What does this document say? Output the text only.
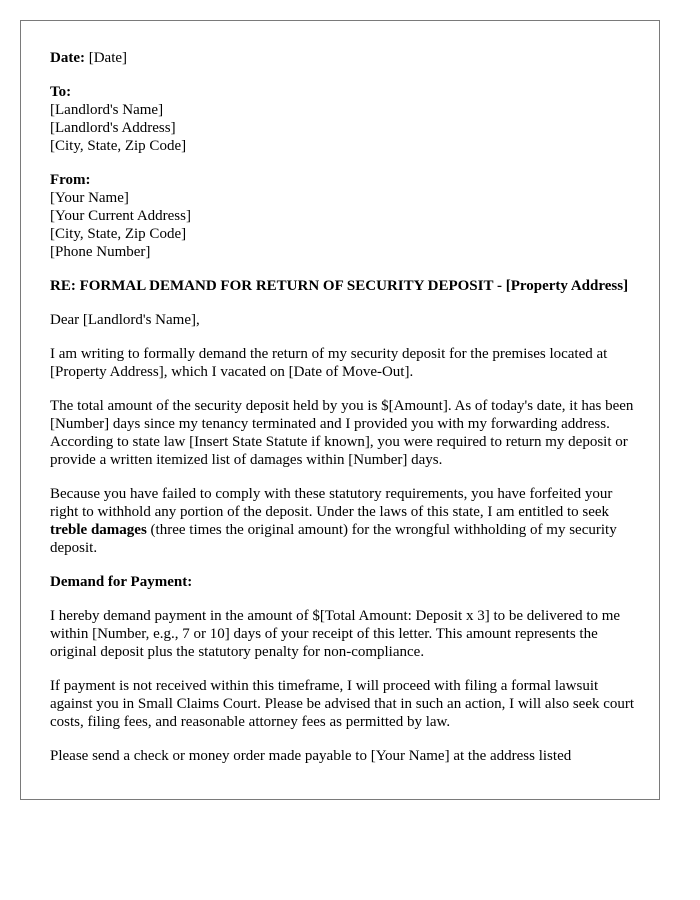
Date: [Date]
To:
[Landlord's Name]
[Landlord's Address]
[City, State, Zip Code]
From:
[Your Name]
[Your Current Address]
[City, State, Zip Code]
[Phone Number]
RE: FORMAL DEMAND FOR RETURN OF SECURITY DEPOSIT - [Property Address]

Dear [Landlord's Name],

I am writing to formally demand the return of my security deposit for the premises located at [Property Address], which I vacated on [Date of Move-Out].

The total amount of the security deposit held by you is $[Amount]. As of today's date, it has been [Number] days since my tenancy terminated and I provided you with my forwarding address. According to state law [Insert State Statute if known], you were required to return my deposit or provide a written itemized list of damages within [Number] days.

Because you have failed to comply with these statutory requirements, you have forfeited your right to withhold any portion of the deposit. Under the laws of this state, I am entitled to seek treble damages (three times the original amount) for the wrongful withholding of my security deposit.

Demand for Payment:

I hereby demand payment in the amount of $[Total Amount: Deposit x 3] to be delivered to me within [Number, e.g., 7 or 10] days of your receipt of this letter. This amount represents the original deposit plus the statutory penalty for non-compliance.

If payment is not received within this timeframe, I will proceed with filing a formal lawsuit against you in Small Claims Court. Please be advised that in such an action, I will also seek court costs, filing fees, and reasonable attorney fees as permitted by law.

Please send a check or money order made payable to [Your Name] at the address listed
